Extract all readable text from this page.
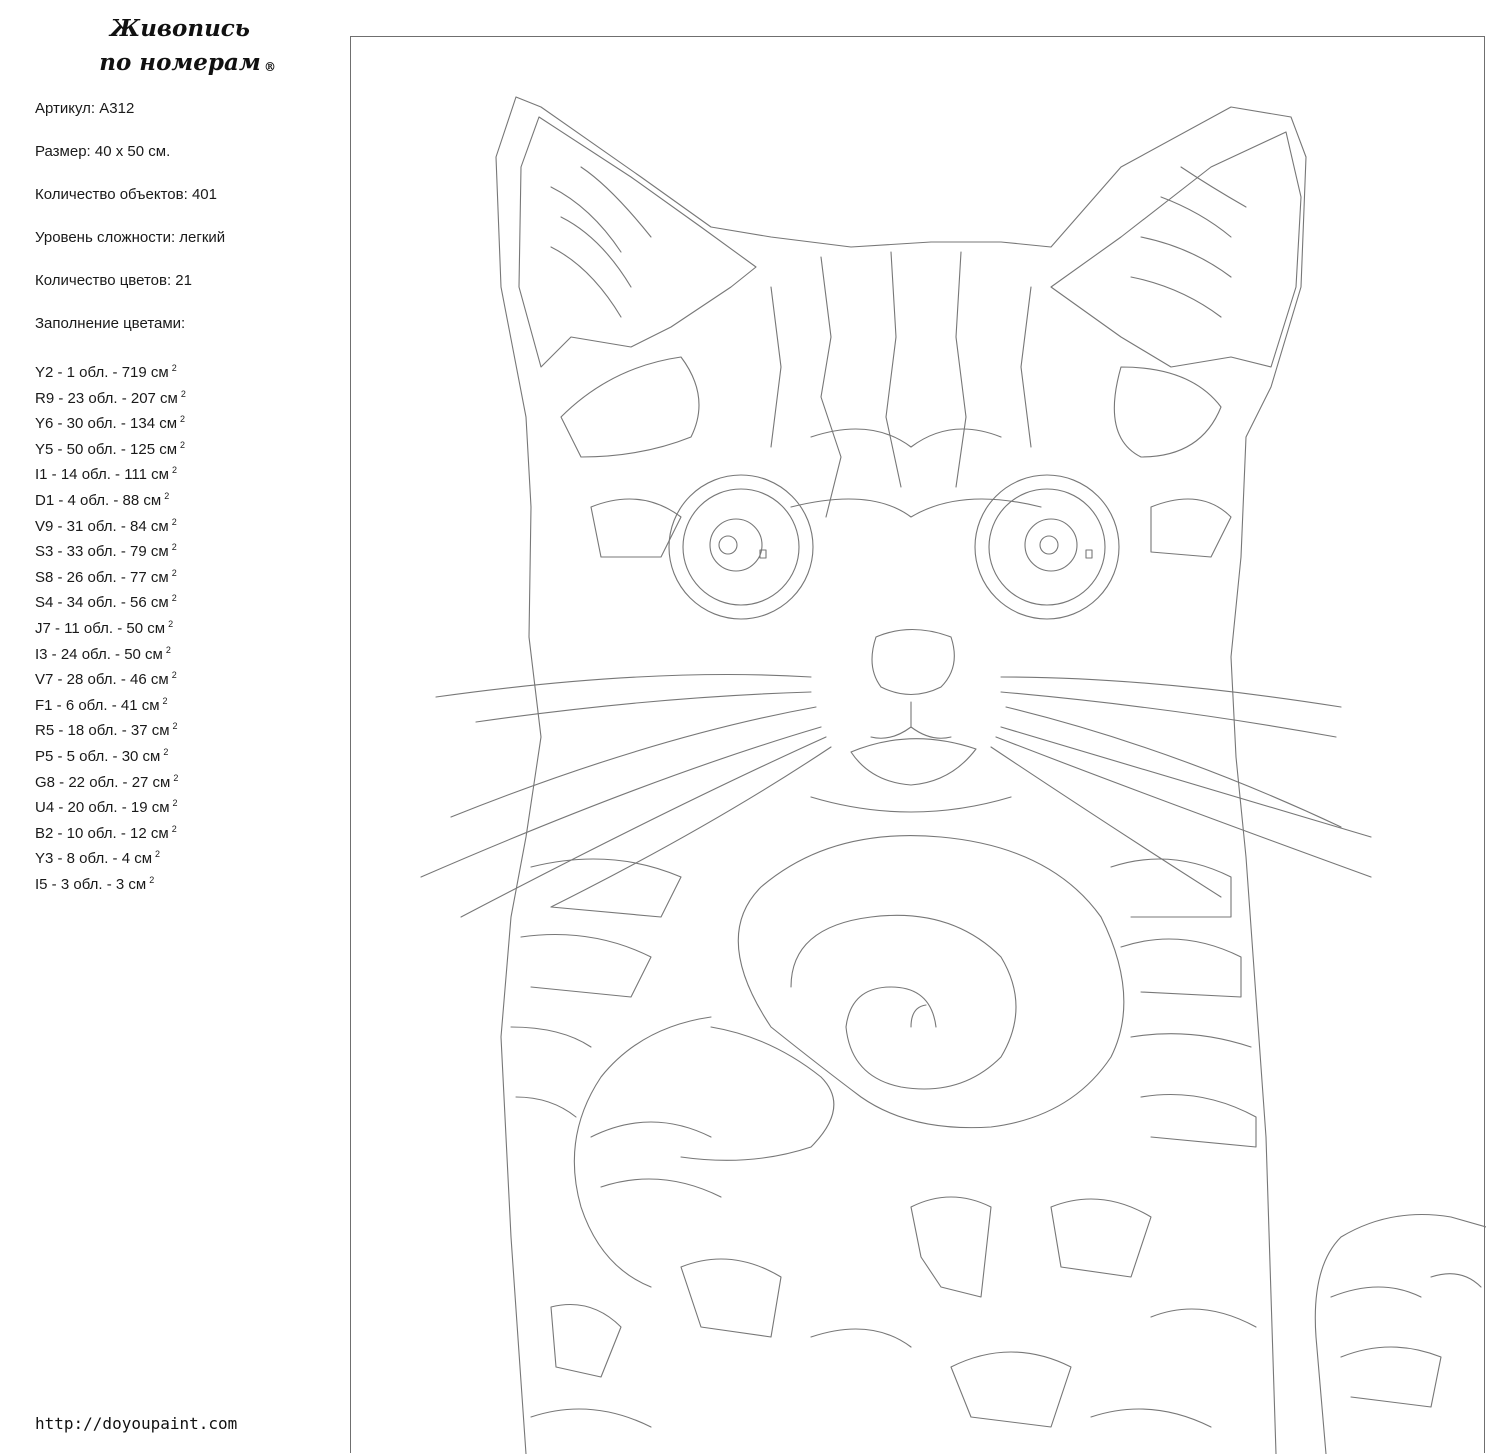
Живопись
по номерам ®

Артикул: A312

Размер: 40 x 50 см.

Количество объектов: 401

Уровень сложности: легкий

Количество цветов: 21

Заполнение цветами:

Y2 - 1 обл. - 719 см $^2$
R9 - 23 обл. - 207 см $^2$
Y6 - 30 обл. - 134 см $^2$
Y5 - 50 обл. - 125 см $^2$
I1 - 14 обл. - 111 см $^2$
D1 - 4 обл. - 88 см $^2$
V9 - 31 обл. - 84 см $^2$
S3 - 33 обл. - 79 см $^2$
S8 - 26 обл. - 77 см $^2$
S4 - 34 обл. - 56 см $^2$
J7 - 11 обл. - 50 см $^2$
I3 - 24 обл. - 50 см $^2$
V7 - 28 обл. - 46 см $^2$
F1 - 6 обл. - 41 см $^2$
R5 - 18 обл. - 37 см $^2$
P5 - 5 обл. - 30 см $^2$
G8 - 22 обл. - 27 см $^2$
U4 - 20 обл. - 19 см $^2$
B2 - 10 обл. - 12 см $^2$
Y3 - 8 обл. - 4 см $^2$
I5 - 3 обл. - 3 см $^2$
http://doyoupaint.com
